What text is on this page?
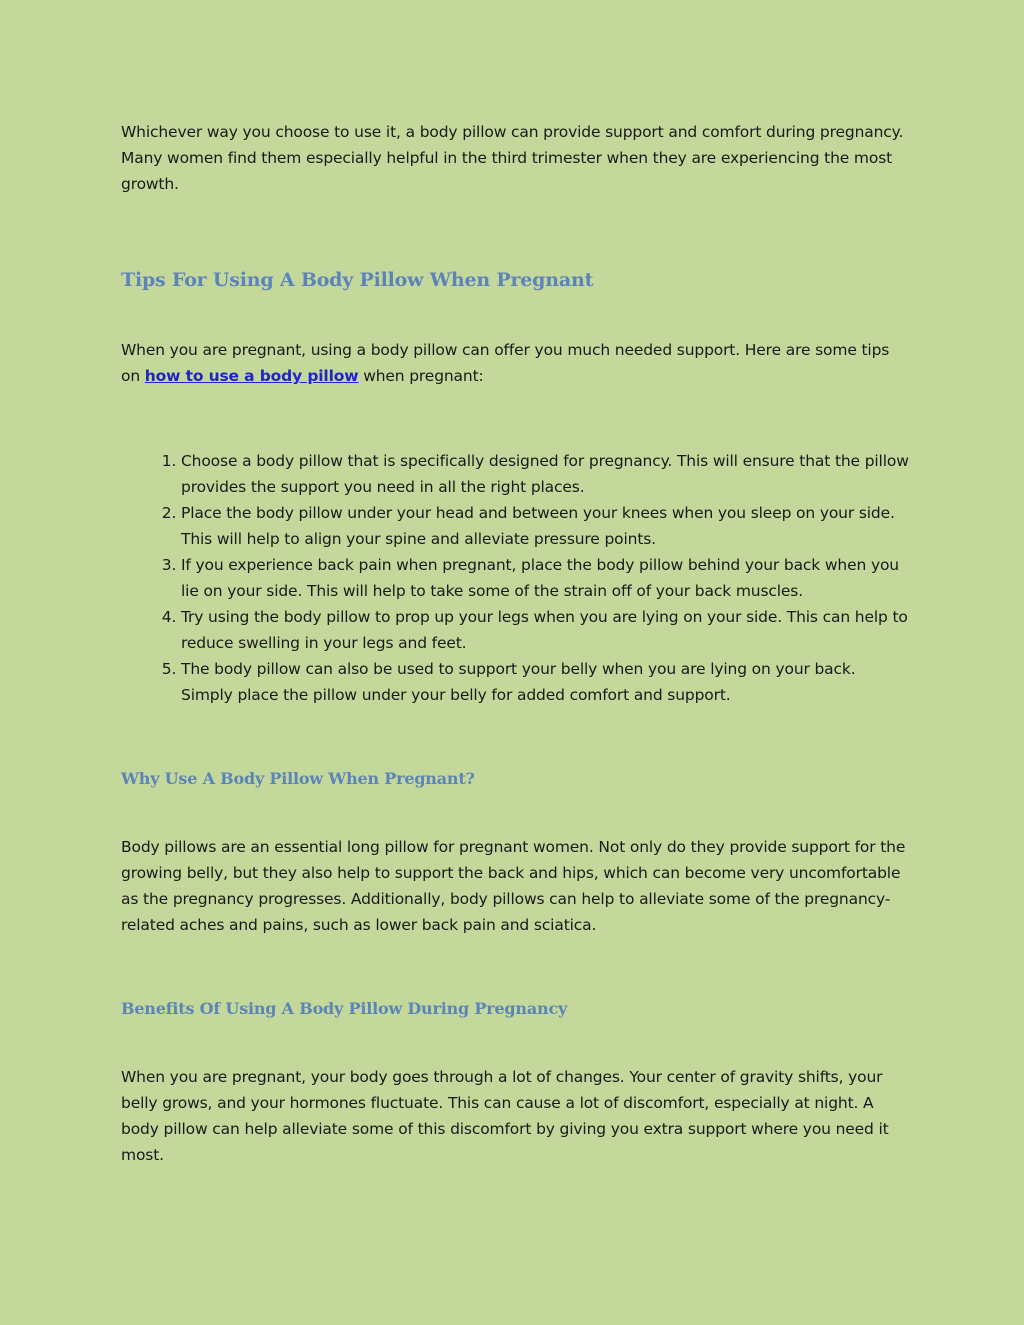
Whichever way you choose to use it, a body pillow can provide support and comfort during pregnancy. Many women find them especially helpful in the third trimester when they are experiencing the most growth.

Tips For Using A Body Pillow When Pregnant

When you are pregnant, using a body pillow can offer you much needed support. Here are some tips on how to use a body pillow when pregnant:

1. Choose a body pillow that is specifically designed for pregnancy. This will ensure that the pillow provides the support you need in all the right places.
2. Place the body pillow under your head and between your knees when you sleep on your side. This will help to align your spine and alleviate pressure points.
3. If you experience back pain when pregnant, place the body pillow behind your back when you lie on your side. This will help to take some of the strain off of your back muscles.
4. Try using the body pillow to prop up your legs when you are lying on your side. This can help to reduce swelling in your legs and feet.
5. The body pillow can also be used to support your belly when you are lying on your back. Simply place the pillow under your belly for added comfort and support.
Why Use A Body Pillow When Pregnant?

Body pillows are an essential long pillow for pregnant women. Not only do they provide support for the growing belly, but they also help to support the back and hips, which can become very uncomfortable as the pregnancy progresses. Additionally, body pillows can help to alleviate some of the pregnancy-related aches and pains, such as lower back pain and sciatica.

Benefits Of Using A Body Pillow During Pregnancy

When you are pregnant, your body goes through a lot of changes. Your center of gravity shifts, your belly grows, and your hormones fluctuate. This can cause a lot of discomfort, especially at night. A body pillow can help alleviate some of this discomfort by giving you extra support where you need it most.
